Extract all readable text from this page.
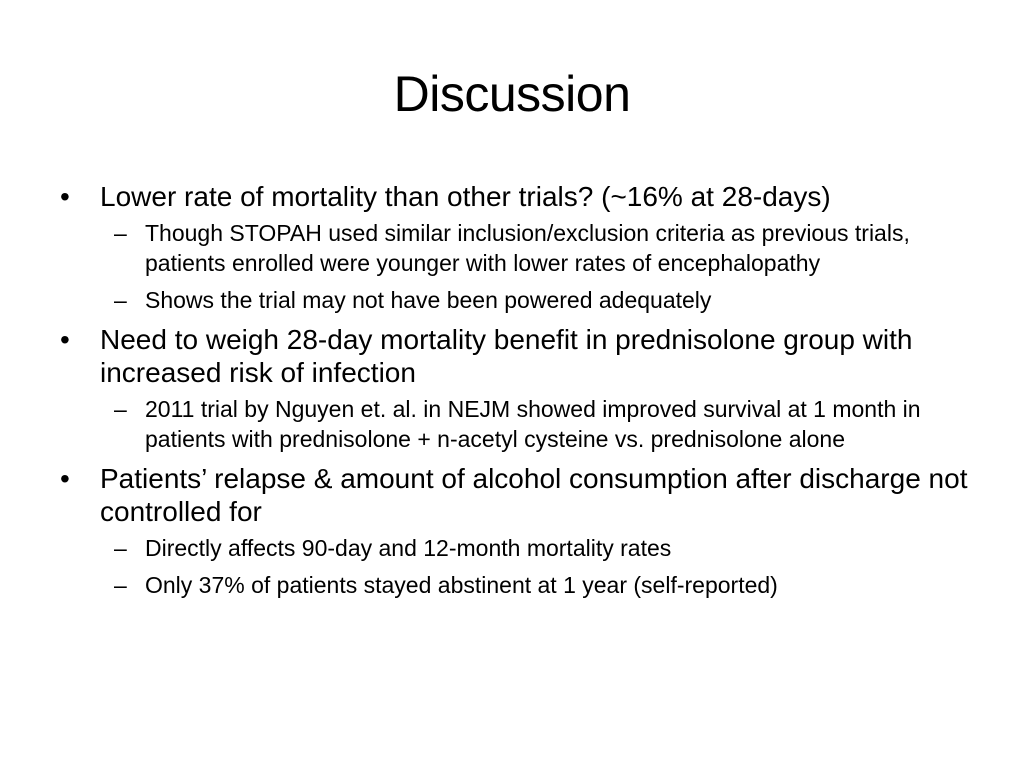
Discussion
•	Lower rate of mortality than other trials? (~16% at 28-days)
– Though STOPAH used similar inclusion/exclusion criteria as previous trials, patients enrolled were younger with lower rates of encephalopathy
– Shows the trial may not have been powered adequately
•	Need to weigh 28-day mortality benefit in prednisolone group with increased risk of infection
– 2011 trial by Nguyen et. al. in NEJM showed improved survival at 1 month in patients with prednisolone + n-acetyl cysteine vs. prednisolone alone
•	Patients’ relapse & amount of alcohol consumption after discharge not controlled for
– Directly affects 90-day and 12-month mortality rates
– Only 37% of patients stayed abstinent at 1 year (self-reported)
